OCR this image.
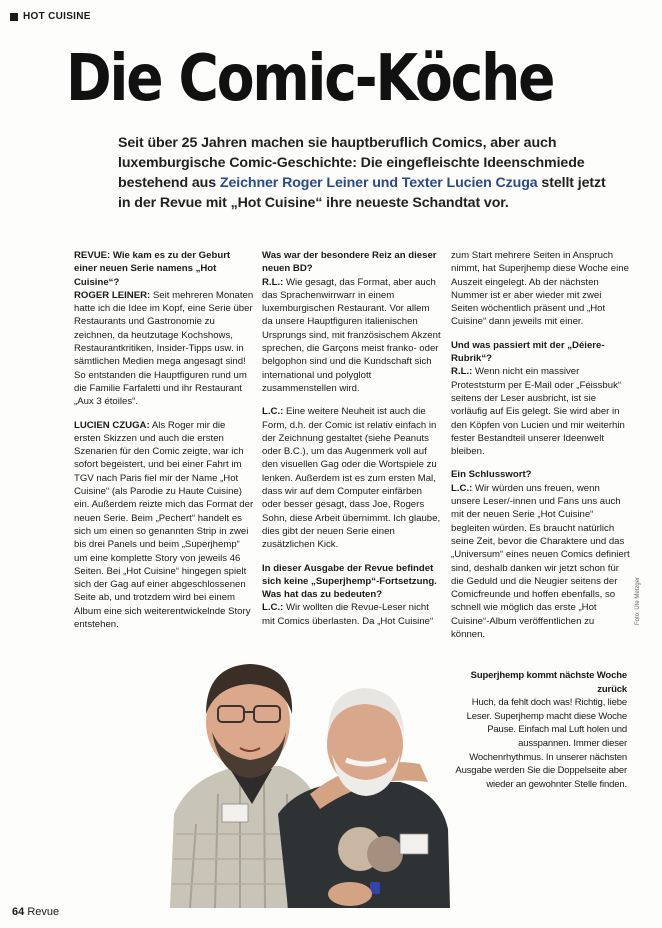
HOT CUISINE
Die Comic-Köche
Seit über 25 Jahren machen sie hauptberuflich Comics, aber auch luxemburgische Comic-Geschichte: Die eingefleischte Ideenschmiede bestehend aus Zeichner Roger Leiner und Texter Lucien Czuga stellt jetzt in der Revue mit „Hot Cuisine“ ihre neueste Schandtat vor.

REVUE: Wie kam es zu der Geburt einer neuen Serie namens „Hot Cuisine“?
ROGER LEINER: Seit mehreren Monaten hatte ich die Idee im Kopf, eine Serie über Restaurants und Gastronomie zu zeichnen, da heutzutage Kochshows, Restaurantkritiken, Insider-Tipps usw. in sämtlichen Medien mega angesagt sind! So entstanden die Hauptfiguren rund um die Familie Farfaletti und ihr Restaurant „Aux 3 étoiles“.

LUCIEN CZUGA: Als Roger mir die ersten Skizzen und auch die ersten Szenarien für den Comic zeigte, war ich sofort begeistert, und bei einer Fahrt im TGV nach Paris fiel mir der Name „Hot Cuisine“ (als Parodie zu Haute Cuisine) ein. Außerdem reizte mich das Format der neuen Serie. Beim „Pechert“ handelt es sich um einen so genannten Strip in zwei bis drei Panels und beim „Superjhemp“ um eine komplette Story von jeweils 46 Seiten. Bei „Hot Cuisine“ hingegen spielt sich der Gag auf einer abgeschlossenen Seite ab, und trotzdem wird bei einem Album eine sich weiterentwickelnde Story entstehen.

Was war der besondere Reiz an dieser neuen BD?
R.L.: Wie gesagt, das Format, aber auch das Sprachenwirrwarr in einem luxemburgischen Restaurant. Vor allem da unsere Hauptfiguren italienischen Ursprungs sind, mit französischem Akzent sprechen, die Garçons meist franko- oder belgophon sind und die Kundschaft sich international und polyglott zusammenstellen wird.

L.C.: Eine weitere Neuheit ist auch die Form, d.h. der Comic ist relativ einfach in der Zeichnung gestaltet (siehe Peanuts oder B.C.), um das Augenmerk voll auf den visuellen Gag oder die Wortspiele zu lenken. Außerdem ist es zum ersten Mal, dass wir auf dem Computer einfärben oder besser gesagt, dass Joe, Rogers Sohn, diese Arbeit übernimmt. Ich glaube, dies gibt der neuen Serie einen zusätzlichen Kick.

In dieser Ausgabe der Revue befindet sich keine „Superjhemp“-Fortsetzung. Was hat das zu bedeuten?
L.C.: Wir wollten die Revue-Leser nicht mit Comics überlasten. Da „Hot Cuisine“

zum Start mehrere Seiten in Anspruch nimmt, hat Superjhemp diese Woche eine Auszeit eingelegt. Ab der nächsten Nummer ist er aber wieder mit zwei Seiten wöchentlich präsent und „Hot Cuisine“ dann jeweils mit einer.

Und was passiert mit der „Déiere-Rubrik“?
R.L.: Wenn nicht ein massiver Proteststurm per E-Mail oder „Féissbuk“ seitens der Leser ausbricht, ist sie vorläufig auf Eis gelegt. Sie wird aber in den Köpfen von Lucien und mir weiterhin fester Bestandteil unserer Ideenwelt bleiben.

Ein Schlusswort?
L.C.: Wir würden uns freuen, wenn unsere Leser/-innen und Fans uns auch mit der neuen Serie „Hot Cuisine“ begleiten würden. Es braucht natürlich seine Zeit, bevor die Charaktere und das „Universum“ eines neuen Comics definiert sind, deshalb danken wir jetzt schon für die Geduld und die Neugier seitens der Comicfreunde und hoffen ebenfalls, so schnell wie möglich das erste „Hot Cuisine“-Album veröffentlichen zu können.

Foto: Ute Metzger
Superjhemp kommt nächste Woche zurück
Huch, da fehlt doch was! Richtig, liebe Leser. Superjhemp macht diese Woche Pause. Einfach mal Luft holen und ausspannen. Immer dieser Wochenrhythmus. In unserer nächsten Ausgabe werden Sie die Doppelseite aber wieder an gewohnter Stelle finden.
64 Revue
